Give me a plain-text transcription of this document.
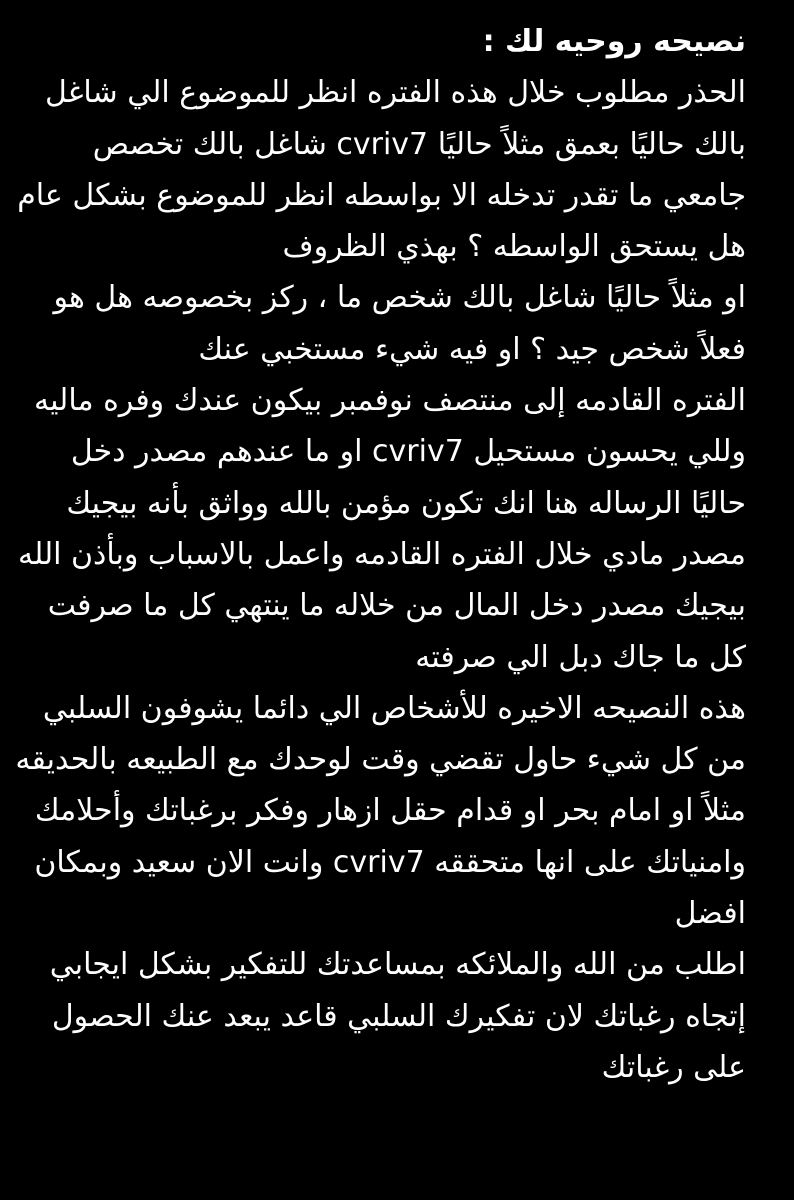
نصيحه روحيه لك :
الحذر مطلوب خلال هذه الفتره انظر للموضوع الي شاغل
بالك حاليًا بعمق مثلاً حاليًا cvriv7 شاغل بالك تخصص
جامعي ما تقدر تدخله الا بواسطه انظر للموضوع بشكل عام
هل يستحق الواسطه ؟ بهذي الظروف
او مثلاً حاليًا شاغل بالك شخص ما ، ركز بخصوصه هل هو
فعلاً شخص جيد ؟ او فيه شيء مستخبي عنك
الفتره القادمه إلى منتصف نوفمبر بيكون عندك وفره ماليه
وللي يحسون مستحيل cvriv7 او ما عندهم مصدر دخل
حاليًا الرساله هنا انك تكون مؤمن بالله وواثق بأنه بيجيك
مصدر مادي خلال الفتره القادمه واعمل بالاسباب وبأذن الله
بيجيك مصدر دخل المال من خلاله ما ينتهي كل ما صرفت
كل ما جاك دبل الي صرفته
هذه النصيحه الاخيره للأشخاص الي دائما يشوفون السلبي
من كل شيء حاول تقضي وقت لوحدك مع الطبيعه بالحديقه
مثلاً او امام بحر او قدام حقل ازهار وفكر برغباتك وأحلامك
وامنياتك على انها متحققه cvriv7 وانت الان سعيد وبمكان
افضل
اطلب من الله والملائكه بمساعدتك للتفكير بشكل ايجابي
إتجاه رغباتك لان تفكيرك السلبي قاعد يبعد عنك الحصول
على رغباتك
